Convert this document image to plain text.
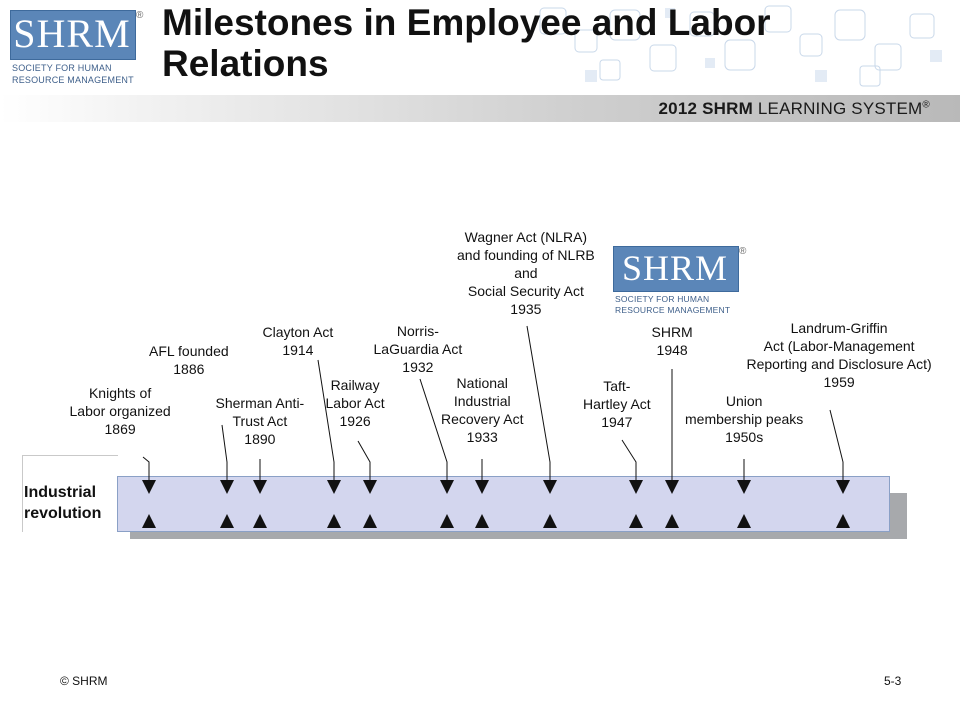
SHRM ®
SOCIETY FOR HUMAN
RESOURCE MANAGEMENT
Milestones in Employee and Labor Relations
2012 SHRM LEARNING SYSTEM®
Industrial
revolution
Knights of
Labor organized
1869
AFL founded
1886
Sherman Anti-
Trust Act
1890
Clayton Act
1914
Railway
Labor Act
1926
Norris-
LaGuardia Act
1932
National
Industrial
Recovery Act
1933
Wagner Act (NLRA)
and founding of NLRB
and
Social Security Act
1935
Taft-
Hartley Act
1947
SHRM
1948
Union
membership peaks
1950s
Landrum-Griffin
Act (Labor-Management
Reporting and Disclosure Act)
1959
SHRM	®
SOCIETY FOR HUMAN
RESOURCE MANAGEMENT
© SHRM	5-3
